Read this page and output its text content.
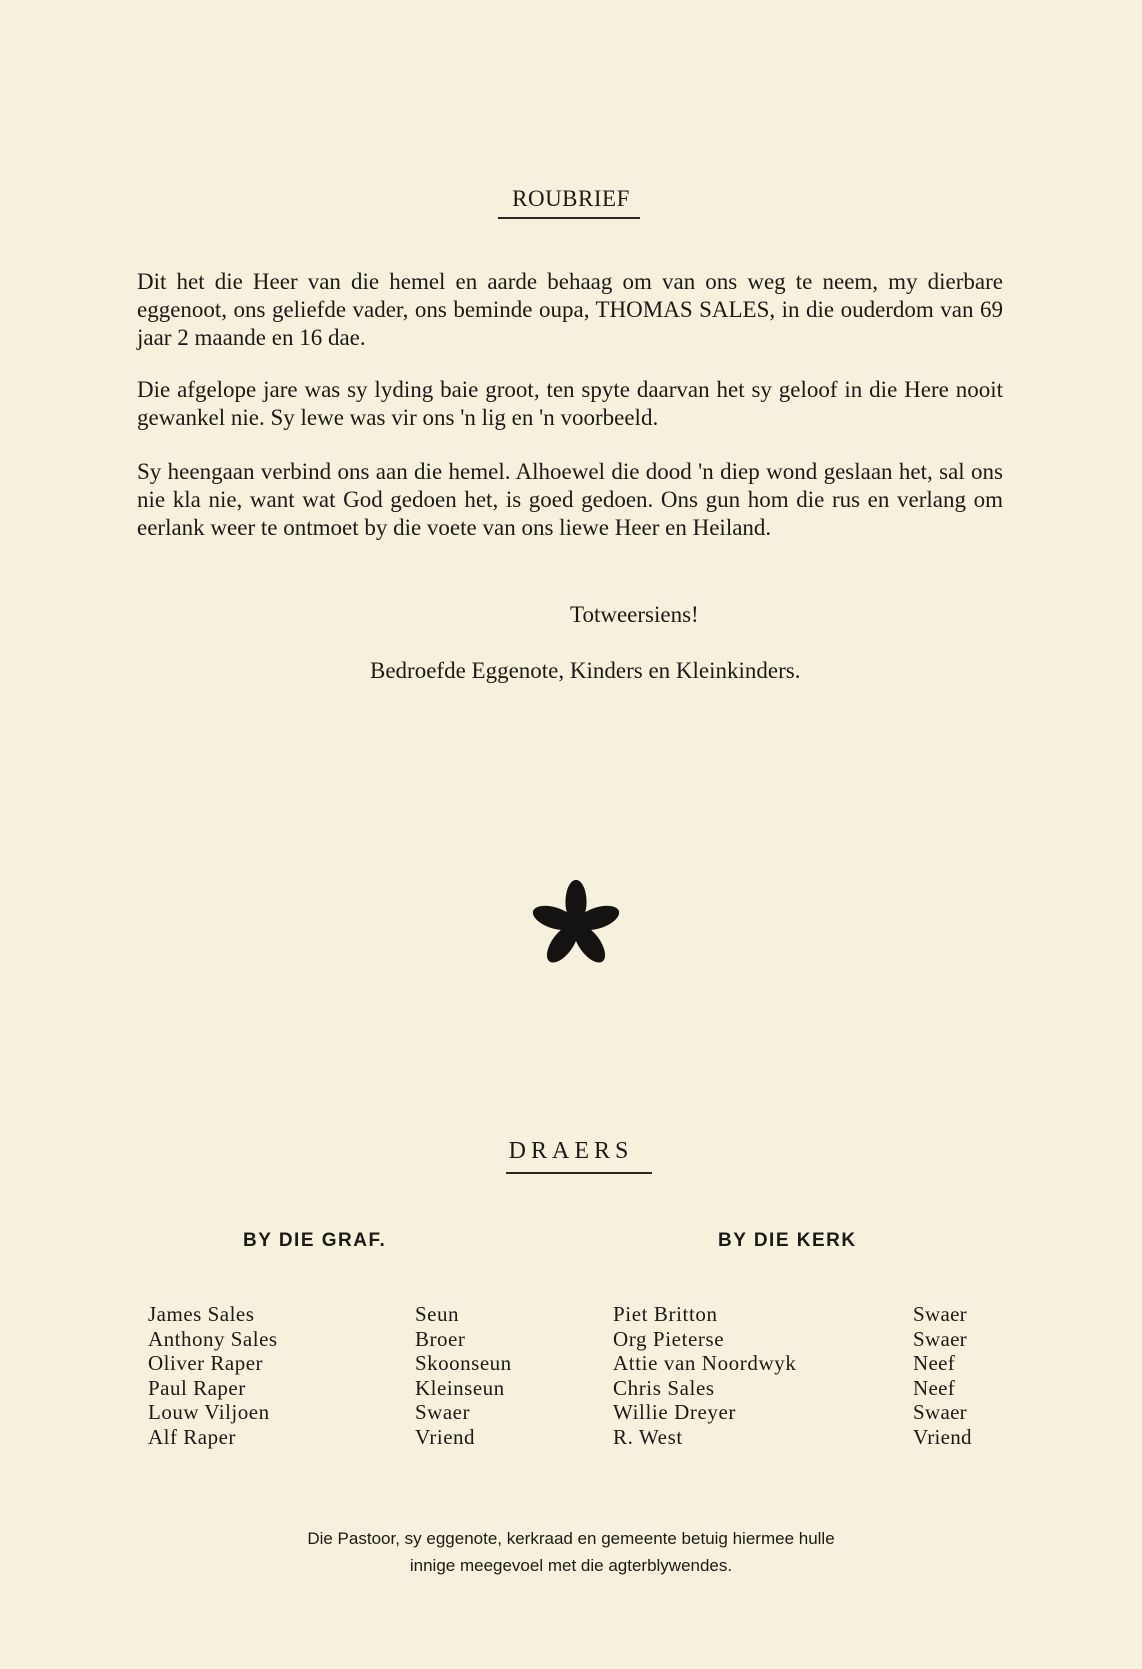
ROUBRIEF
Dit het die Heer van die hemel en aarde behaag om van ons weg te neem, my dierbare eggenoot, ons geliefde vader, ons beminde oupa, THOMAS SALES, in die ouderdom van 69 jaar 2 maande en 16 dae.
Die afgelope jare was sy lyding baie groot, ten spyte daarvan het sy geloof in die Here nooit gewankel nie. Sy lewe was vir ons 'n lig en 'n voorbeeld.
Sy heengaan verbind ons aan die hemel. Alhoewel die dood 'n diep wond geslaan het, sal ons nie kla nie, want wat God gedoen het, is goed gedoen. Ons gun hom die rus en verlang om eerlank weer te ontmoet by die voete van ons liewe Heer en Heiland.
Totweersiens!
Bedroefde Eggenote, Kinders en Kleinkinders.
DRAERS
BY DIE GRAF.	BY DIE KERK
James Sales
Anthony Sales
Oliver Raper
Paul Raper
Louw Viljoen
Alf Raper
Seun
Broer
Skoonseun
Kleinseun
Swaer
Vriend
Piet Britton
Org Pieterse
Attie van Noordwyk
Chris Sales
Willie Dreyer
R. West
Swaer
Swaer
Neef
Neef
Swaer
Vriend
Die Pastoor, sy eggenote, kerkraad en gemeente betuig hiermee hulle
innige meegevoel met die agterblywendes.
